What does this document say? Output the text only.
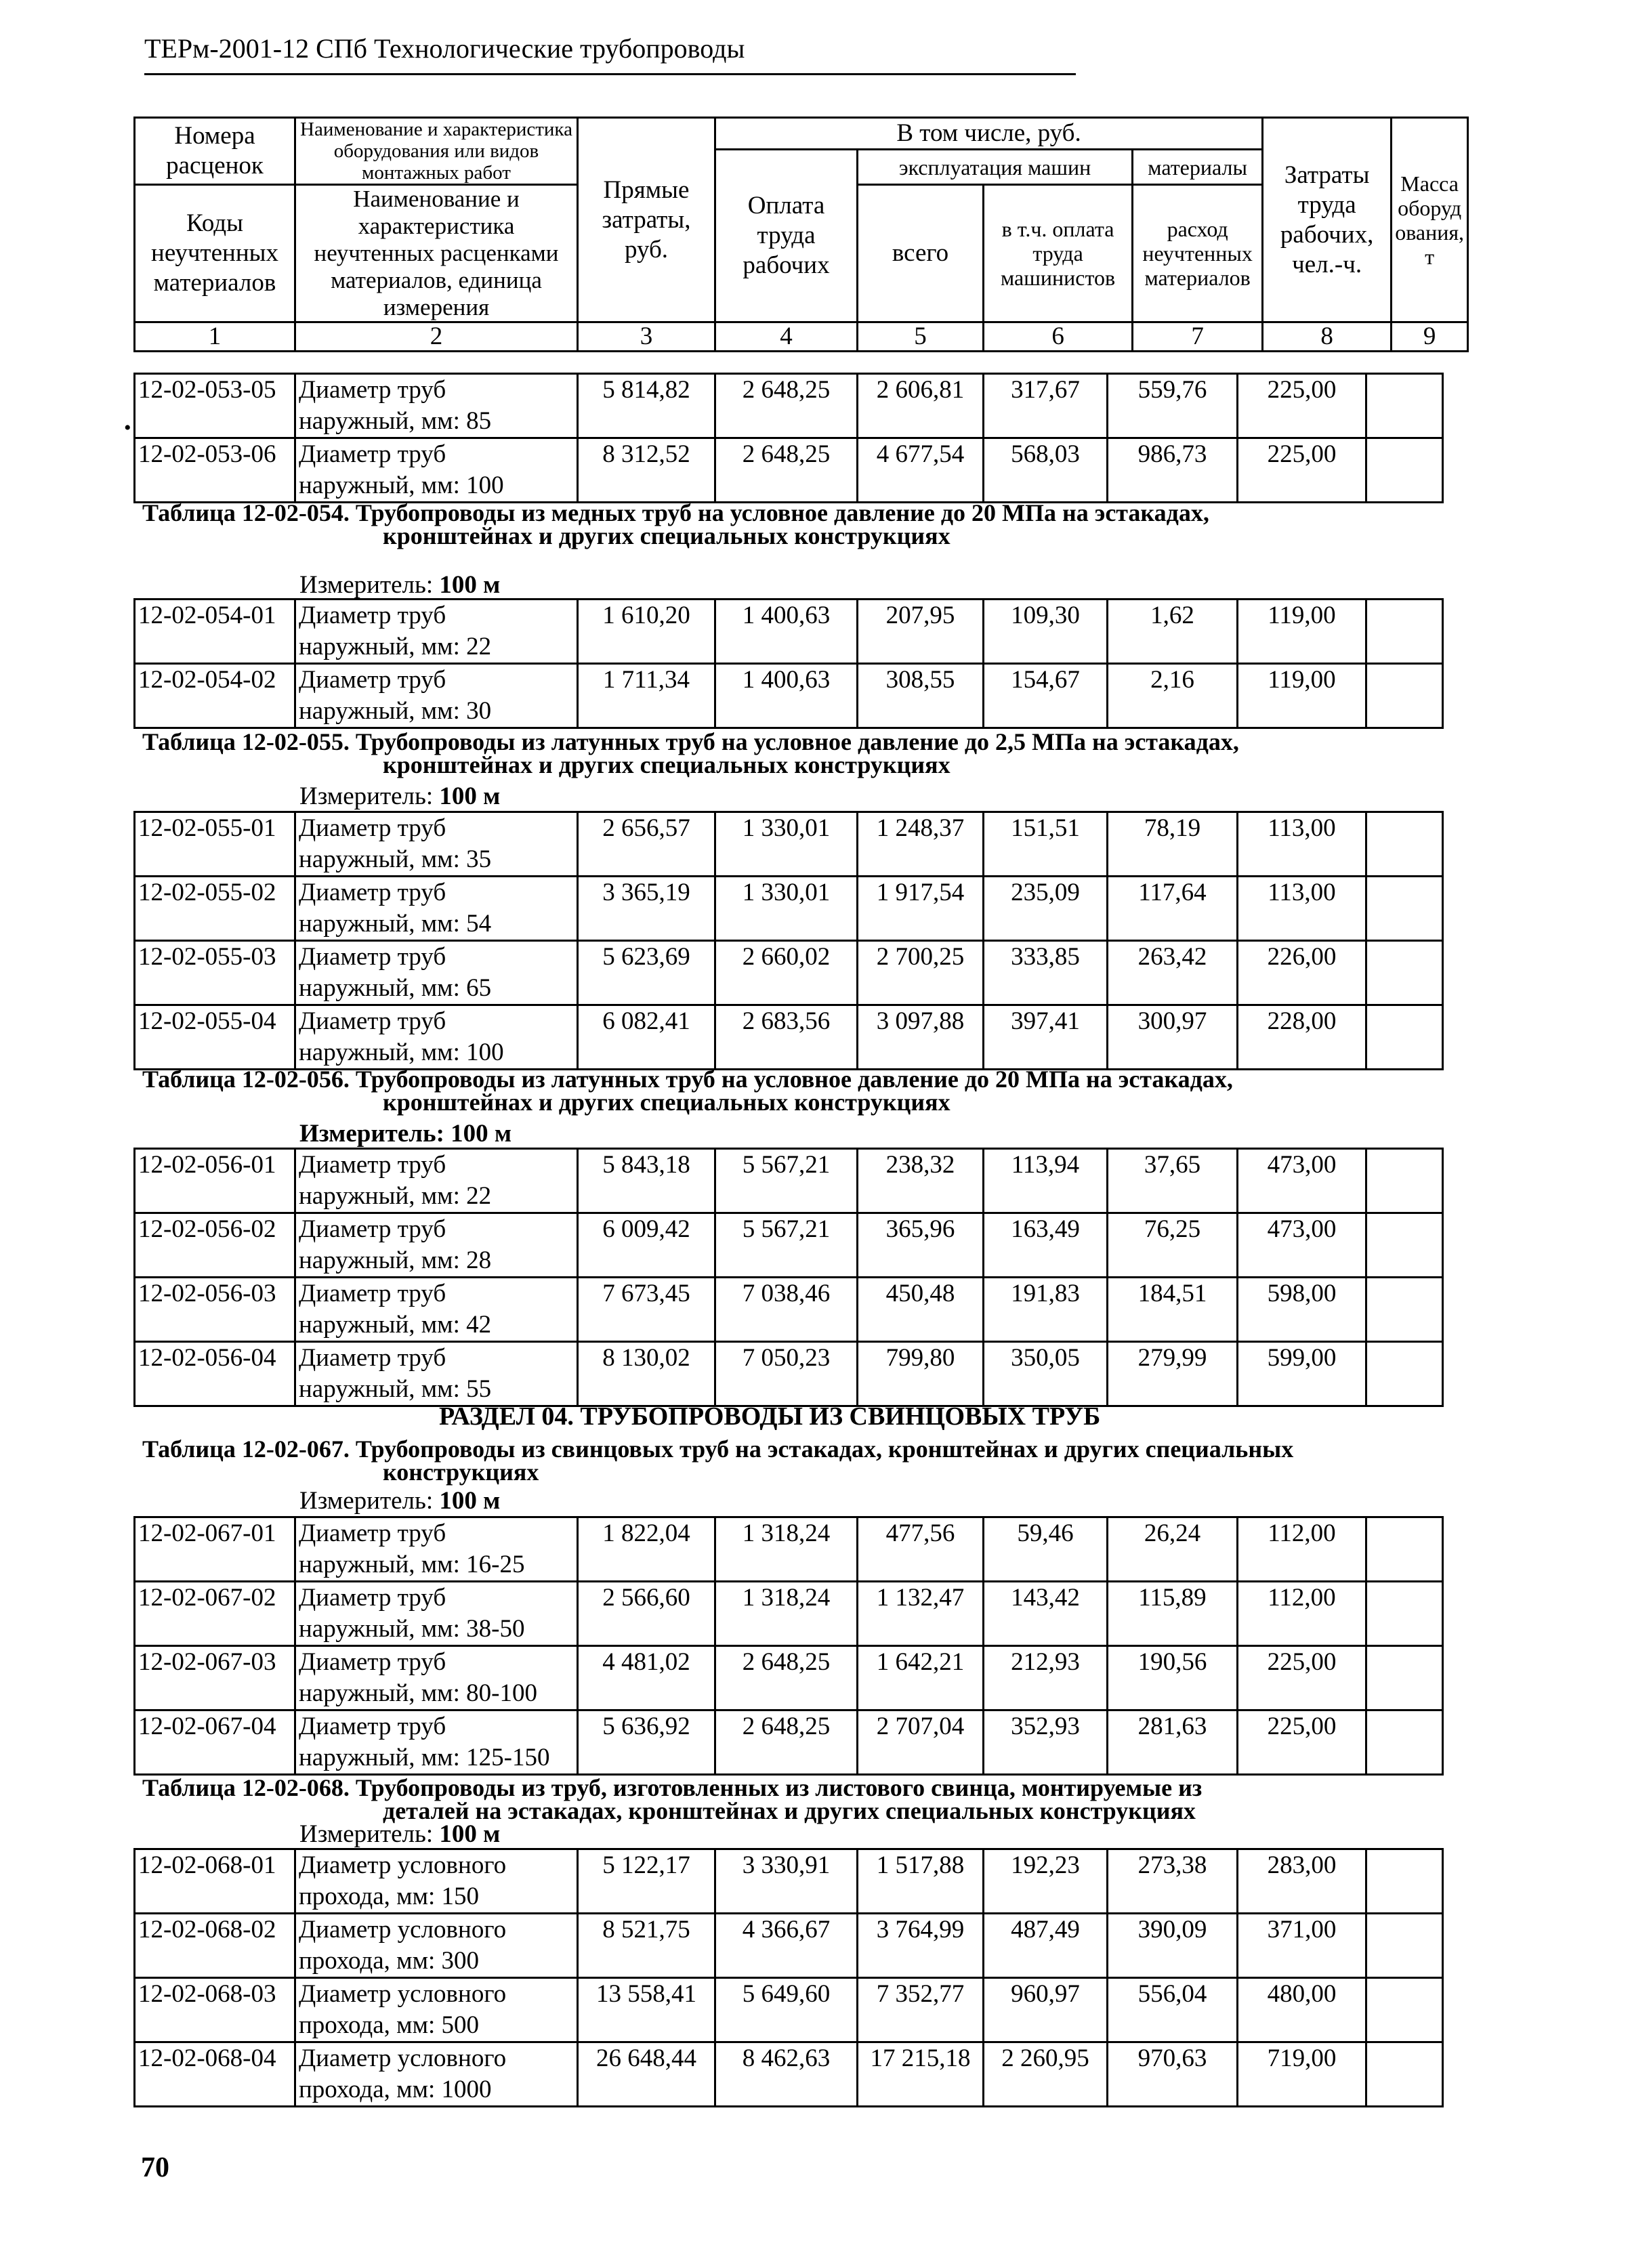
ТЕРм-2001-12 СПб Технологические трубопроводы
Номера расценок	Наименование и характеристика оборудования или видов монтажных работ	Прямые затраты, руб.	В том числе, руб.				Затраты труда рабочих, чел.-ч.	Масса оборудования, т
			Оплата труда рабочих	эксплуатация машин		материалы		
Коды неучтенных материалов	Наименование и характеристика неучтенных расценками материалов, единица измерения			всего	в т.ч. оплата труда машинистов	расход неучтенных материалов		
1	2	3	4	5	6	7	8	9
•
Таблица 12-02-054. Трубопроводы из медных труб на условное давление до 20 МПа на эстакадах,
кронштейнах и других специальных конструкциях
Измеритель: 100 м
Таблица 12-02-055. Трубопроводы из латунных труб на условное давление до 2,5 МПа на эстакадах,
кронштейнах и других специальных конструкциях
Измеритель: 100 м
Таблица 12-02-056. Трубопроводы из латунных труб на условное давление до 20 МПа на эстакадах,
кронштейнах и других специальных конструкциях
Измеритель: 100 м
РАЗДЕЛ 04. ТРУБОПРОВОДЫ ИЗ СВИНЦОВЫХ ТРУБ
Таблица 12-02-067. Трубопроводы из свинцовых труб на эстакадах, кронштейнах и других специальных
конструкциях
Измеритель: 100 м
Таблица 12-02-068. Трубопроводы из труб, изготовленных из листового свинца, монтируемые из
деталей на эстакадах, кронштейнах и других специальных конструкциях
Измеритель: 100 м
12-02-053-05	Диаметр труб
наружный, мм: 85	5 814,82	2 648,25	2 606,81	317,67	559,76	225,00	
12-02-053-06	Диаметр труб
наружный, мм: 100	8 312,52	2 648,25	4 677,54	568,03	986,73	225,00	
12-02-054-01	Диаметр труб
наружный, мм: 22	1 610,20	1 400,63	207,95	109,30	1,62	119,00	
12-02-054-02	Диаметр труб
наружный, мм: 30	1 711,34	1 400,63	308,55	154,67	2,16	119,00	
12-02-055-01	Диаметр труб
наружный, мм: 35	2 656,57	1 330,01	1 248,37	151,51	78,19	113,00	
12-02-055-02	Диаметр труб
наружный, мм: 54	3 365,19	1 330,01	1 917,54	235,09	117,64	113,00	
12-02-055-03	Диаметр труб
наружный, мм: 65	5 623,69	2 660,02	2 700,25	333,85	263,42	226,00	
12-02-055-04	Диаметр труб
наружный, мм: 100	6 082,41	2 683,56	3 097,88	397,41	300,97	228,00	
12-02-056-01	Диаметр труб
наружный, мм: 22	5 843,18	5 567,21	238,32	113,94	37,65	473,00	
12-02-056-02	Диаметр труб
наружный, мм: 28	6 009,42	5 567,21	365,96	163,49	76,25	473,00	
12-02-056-03	Диаметр труб
наружный, мм: 42	7 673,45	7 038,46	450,48	191,83	184,51	598,00	
12-02-056-04	Диаметр труб
наружный, мм: 55	8 130,02	7 050,23	799,80	350,05	279,99	599,00	
12-02-067-01	Диаметр труб
наружный, мм: 16-25	1 822,04	1 318,24	477,56	59,46	26,24	112,00	
12-02-067-02	Диаметр труб
наружный, мм: 38-50	2 566,60	1 318,24	1 132,47	143,42	115,89	112,00	
12-02-067-03	Диаметр труб
наружный, мм: 80-100	4 481,02	2 648,25	1 642,21	212,93	190,56	225,00	
12-02-067-04	Диаметр труб
наружный, мм: 125-150	5 636,92	2 648,25	2 707,04	352,93	281,63	225,00	
12-02-068-01	Диаметр условного
прохода, мм: 150	5 122,17	3 330,91	1 517,88	192,23	273,38	283,00	
12-02-068-02	Диаметр условного
прохода, мм: 300	8 521,75	4 366,67	3 764,99	487,49	390,09	371,00	
12-02-068-03	Диаметр условного
прохода, мм: 500	13 558,41	5 649,60	7 352,77	960,97	556,04	480,00	
12-02-068-04	Диаметр условного
прохода, мм: 1000	26 648,44	8 462,63	17 215,18	2 260,95	970,63	719,00	
70
